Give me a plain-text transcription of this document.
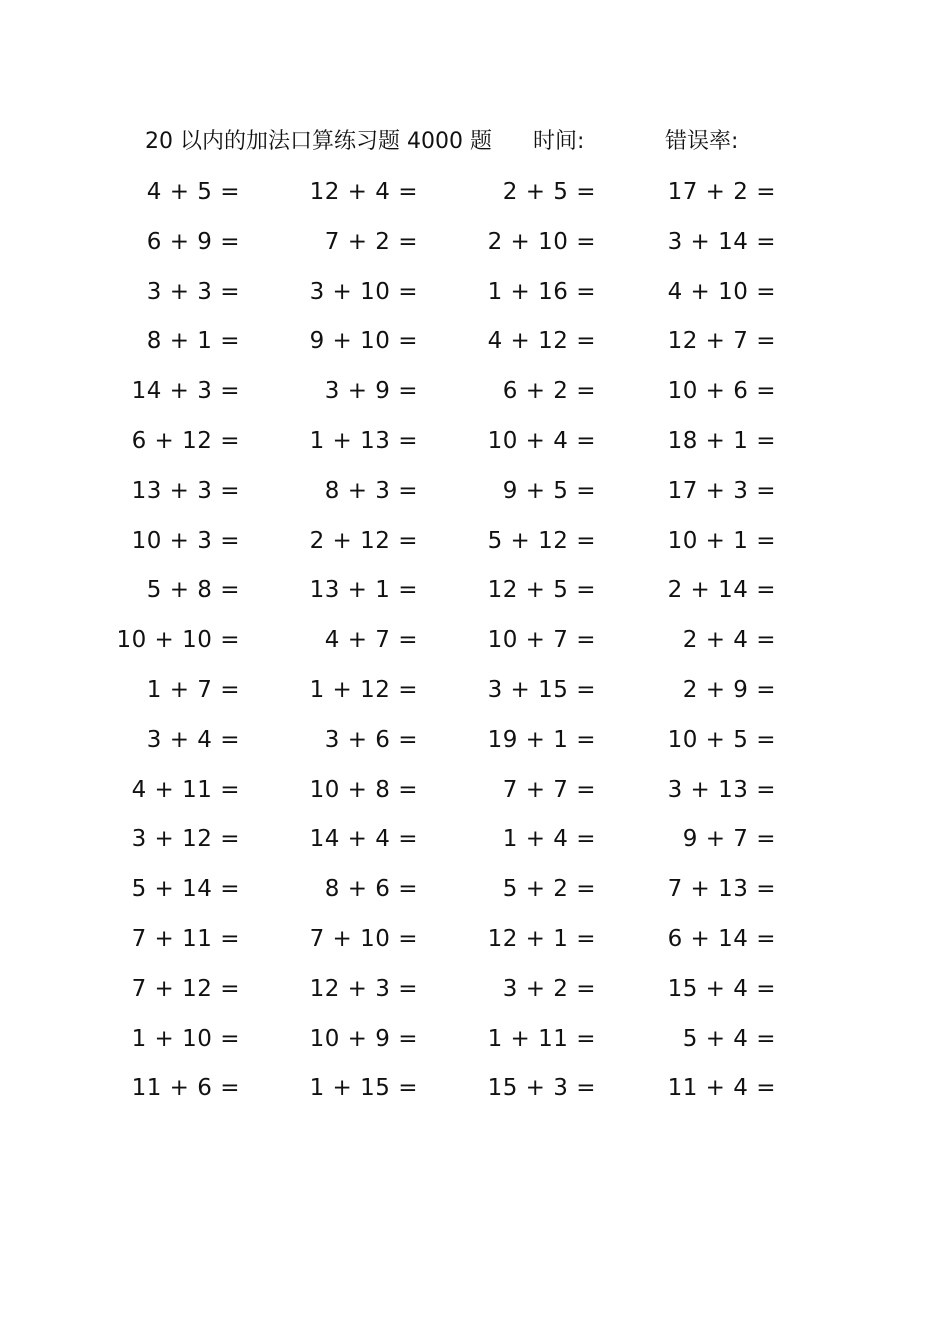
20 以内的加法口算练习题 4000 题 时间:	错误率:
4 + 5 =	12 + 4 =	2 + 5 =	17 + 2 =
6 + 9 =	7 + 2 =	2 + 10 =	3 + 14 =
3 + 3 =	3 + 10 =	1 + 16 =	4 + 10 =
8 + 1 =	9 + 10 =	4 + 12 =	12 + 7 =
14 + 3 =	3 + 9 =	6 + 2 =	10 + 6 =
6 + 12 =	1 + 13 =	10 + 4 =	18 + 1 =
13 + 3 =	8 + 3 =	9 + 5 =	17 + 3 =
10 + 3 =	2 + 12 =	5 + 12 =	10 + 1 =
5 + 8 =	13 + 1 =	12 + 5 =	2 + 14 =
10 + 10 =	4 + 7 =	10 + 7 =	2 + 4 =
1 + 7 =	1 + 12 =	3 + 15 =	2 + 9 =
3 + 4 =	3 + 6 =	19 + 1 =	10 + 5 =
4 + 11 =	10 + 8 =	7 + 7 =	3 + 13 =
3 + 12 =	14 + 4 =	1 + 4 =	9 + 7 =
5 + 14 =	8 + 6 =	5 + 2 =	7 + 13 =
7 + 11 =	7 + 10 =	12 + 1 =	6 + 14 =
7 + 12 =	12 + 3 =	3 + 2 =	15 + 4 =
1 + 10 =	10 + 9 =	1 + 11 =	5 + 4 =
11 + 6 =	1 + 15 =	15 + 3 =	11 + 4 =
